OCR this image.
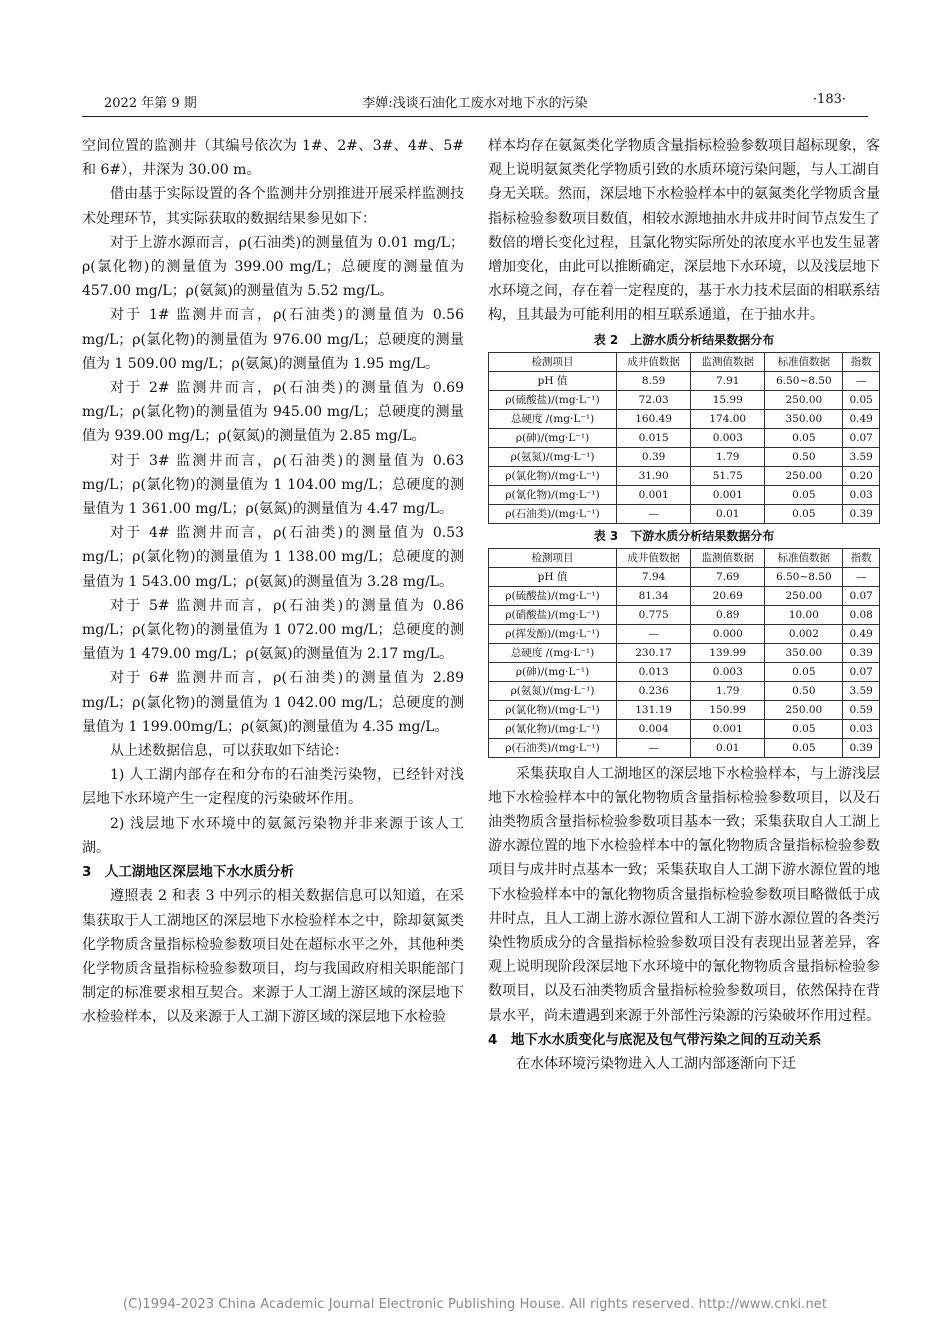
2022 年第 9 期	李婵:浅谈石油化工废水对地下水的污染	·183·

空间位置的监测井（其编号依次为 1#、2#、3#、4#、5# 和 6#），井深为 30.00 m。

借由基于实际设置的各个监测井分别推进开展采样监测技术处理环节，其实际获取的数据结果参见如下：

对于上游水源而言，ρ(石油类)的测量值为 0.01 mg/L；ρ(氯化物)的测量值为 399.00 mg/L；总硬度的测量值为 457.00 mg/L；ρ(氨氮)的测量值为 5.52 mg/L。

对于 1# 监测井而言，ρ(石油类)的测量值为 0.56 mg/L；ρ(氯化物)的测量值为 976.00 mg/L；总硬度的测量值为 1 509.00 mg/L；ρ(氨氮)的测量值为 1.95 mg/L。

对于 2# 监测井而言，ρ(石油类)的测量值为 0.69 mg/L；ρ(氯化物)的测量值为 945.00 mg/L；总硬度的测量值为 939.00 mg/L；ρ(氨氮)的测量值为 2.85 mg/L。

对于 3# 监测井而言，ρ(石油类)的测量值为 0.63 mg/L；ρ(氯化物)的测量值为 1 104.00 mg/L；总硬度的测量值为 1 361.00 mg/L；ρ(氨氮)的测量值为 4.47 mg/L。

对于 4# 监测井而言，ρ(石油类)的测量值为 0.53 mg/L；ρ(氯化物)的测量值为 1 138.00 mg/L；总硬度的测量值为 1 543.00 mg/L；ρ(氨氮)的测量值为 3.28 mg/L。

对于 5# 监测井而言，ρ(石油类)的测量值为 0.86 mg/L；ρ(氯化物)的测量值为 1 072.00 mg/L；总硬度的测量值为 1 479.00 mg/L；ρ(氨氮)的测量值为 2.17 mg/L。

对于 6# 监测井而言，ρ(石油类)的测量值为 2.89 mg/L；ρ(氯化物)的测量值为 1 042.00 mg/L；总硬度的测量值为 1 199.00mg/L；ρ(氨氮)的测量值为 4.35 mg/L。

从上述数据信息，可以获取如下结论：

1) 人工湖内部存在和分布的石油类污染物，已经针对浅层地下水环境产生一定程度的污染破坏作用。

2) 浅层地下水环境中的氨氮污染物并非来源于该人工湖。

3　人工湖地区深层地下水水质分析

遵照表 2 和表 3 中列示的相关数据信息可以知道，在采集获取于人工湖地区的深层地下水检验样本之中，除却氨氮类化学物质含量指标检验参数项目处在超标水平之外，其他种类化学物质含量指标检验参数项目，均与我国政府相关职能部门制定的标准要求相互契合。来源于人工湖上游区域的深层地下水检验样本，以及来源于人工湖下游区域的深层地下水检验

样本均存在氨氮类化学物质含量指标检验参数项目超标现象，客观上说明氨氮类化学物质引致的水质环境污染问题，与人工湖自身无关联。然而，深层地下水检验样本中的氨氮类化学物质含量指标检验参数项目数值，相较水源地抽水井成井时间节点发生了数倍的增长变化过程，且氯化物实际所处的浓度水平也发生显著增加变化，由此可以推断确定，深层地下水环境，以及浅层地下水环境之间，存在着一定程度的，基于水力技术层面的相联系结构，且其最为可能利用的相互联系通道，在于抽水井。

表 2　上游水质分析结果数据分布
检测项目	成井值数据	监测值数据	标准值数据	指数
pH 值	8.59	7.91	6.50~8.50	—
ρ(硫酸盐)/(mg·L⁻¹)	72.03	15.99	250.00	0.05
总硬度 /(mg·L⁻¹)	160.49	174.00	350.00	0.49
ρ(砷)/(mg·L⁻¹)	0.015	0.003	0.05	0.07
ρ(氨氮)/(mg·L⁻¹)	0.39	1.79	0.50	3.59
ρ(氯化物)/(mg·L⁻¹)	31.90	51.75	250.00	0.20
ρ(氰化物)/(mg·L⁻¹)	0.001	0.001	0.05	0.03
ρ(石油类)/(mg·L⁻¹)	—	0.01	0.05	0.39
表 3　下游水质分析结果数据分布
检测项目	成井值数据	监测值数据	标准值数据	指数
pH 值	7.94	7.69	6.50~8.50	—
ρ(硫酸盐)/(mg·L⁻¹)	81.34	20.69	250.00	0.07
ρ(硝酸盐)/(mg·L⁻¹)	0.775	0.89	10.00	0.08
ρ(挥发酚)/(mg·L⁻¹)	—	0.000	0.002	0.49
总硬度 /(mg·L⁻¹)	230.17	139.99	350.00	0.39
ρ(砷)/(mg·L⁻¹)	0.013	0.003	0.05	0.07
ρ(氨氮)/(mg·L⁻¹)	0.236	1.79	0.50	3.59
ρ(氯化物)/(mg·L⁻¹)	131.19	150.99	250.00	0.59
ρ(氰化物)/(mg·L⁻¹)	0.004	0.001	0.05	0.03
ρ(石油类)/(mg·L⁻¹)	—	0.01	0.05	0.39

采集获取自人工湖地区的深层地下水检验样本，与上游浅层地下水检验样本中的氰化物物质含量指标检验参数项目，以及石油类物质含量指标检验参数项目基本一致；采集获取自人工湖上游水源位置的地下水检验样本中的氰化物物质含量指标检验参数项目与成井时点基本一致；采集获取自人工湖下游水源位置的地下水检验样本中的氰化物物质含量指标检验参数项目略微低于成井时点，且人工湖上游水源位置和人工湖下游水源位置的各类污染性物质成分的含量指标检验参数项目没有表现出显著差异，客观上说明现阶段深层地下水环境中的氰化物物质含量指标检验参数项目，以及石油类物质含量指标检验参数项目，依然保持在背景水平，尚未遭遇到来源于外部性污染源的污染破坏作用过程。

4　地下水水质变化与底泥及包气带污染之间的互动关系

在水体环境污染物进入人工湖内部逐渐向下迁

(C)1994-2023 China Academic Journal Electronic Publishing House. All rights reserved. http://www.cnki.net
